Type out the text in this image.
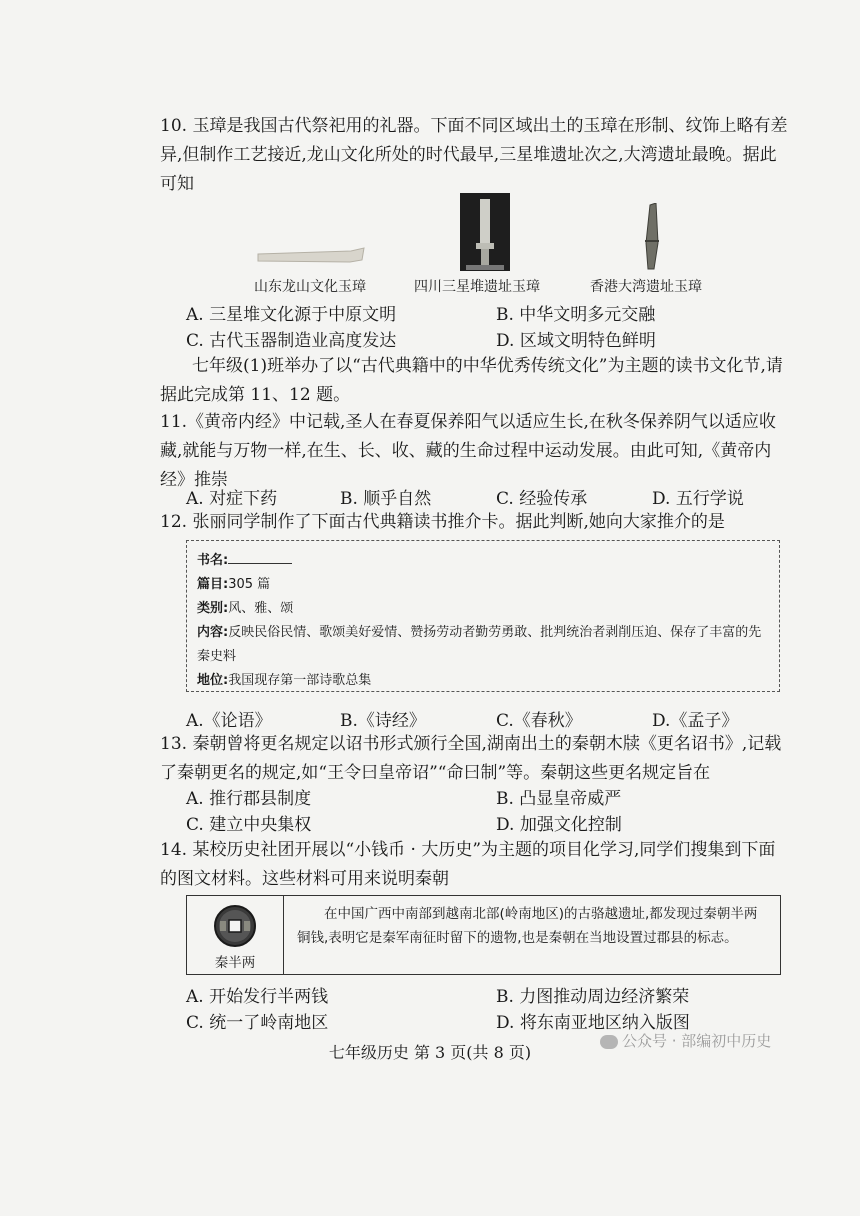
10. 玉璋是我国古代祭祀用的礼器。下面不同区域出土的玉璋在形制、纹饰上略有差异,但制作工艺接近,龙山文化所处的时代最早,三星堆遗址次之,大湾遗址最晚。据此可知
山东龙山文化玉璋	四川三星堆遗址玉璋	香港大湾遗址玉璋
A. 三星堆文化源于中原文明	B. 中华文明多元交融
C. 古代玉器制造业高度发达	D. 区域文明特色鲜明
七年级(1)班举办了以“古代典籍中的中华优秀传统文化”为主题的读书文化节,请据此完成第 11、12 题。
11.《黄帝内经》中记载,圣人在春夏保养阳气以适应生长,在秋冬保养阴气以适应收藏,就能与万物一样,在生、长、收、藏的生命过程中运动发展。由此可知,《黄帝内经》推崇
A. 对症下药	B. 顺乎自然	C. 经验传承	D. 五行学说
12. 张丽同学制作了下面古代典籍读书推介卡。据此判断,她向大家推介的是
书名:
篇目:305 篇
类别:风、雅、颂
内容:反映民俗民情、歌颂美好爱情、赞扬劳动者勤劳勇敢、批判统治者剥削压迫、保存了丰富的先秦史料
地位:我国现存第一部诗歌总集
A.《论语》	B.《诗经》	C.《春秋》	D.《孟子》
13. 秦朝曾将更名规定以诏书形式颁行全国,湖南出土的秦朝木牍《更名诏书》,记载了秦朝更名的规定,如“王令曰皇帝诏”“命曰制”等。秦朝这些更名规定旨在
A. 推行郡县制度	B. 凸显皇帝威严
C. 建立中央集权	D. 加强文化控制
14. 某校历史社团开展以“小钱币 · 大历史”为主题的项目化学习,同学们搜集到下面的图文材料。这些材料可用来说明秦朝
秦半两
在中国广西中南部到越南北部(岭南地区)的古骆越遗址,都发现过秦朝半两铜钱,表明它是秦军南征时留下的遗物,也是秦朝在当地设置过郡县的标志。
A. 开始发行半两钱	B. 力图推动周边经济繁荣
C. 统一了岭南地区	D. 将东南亚地区纳入版图
七年级历史 第 3 页(共 8 页)
公众号 · 部编初中历史
